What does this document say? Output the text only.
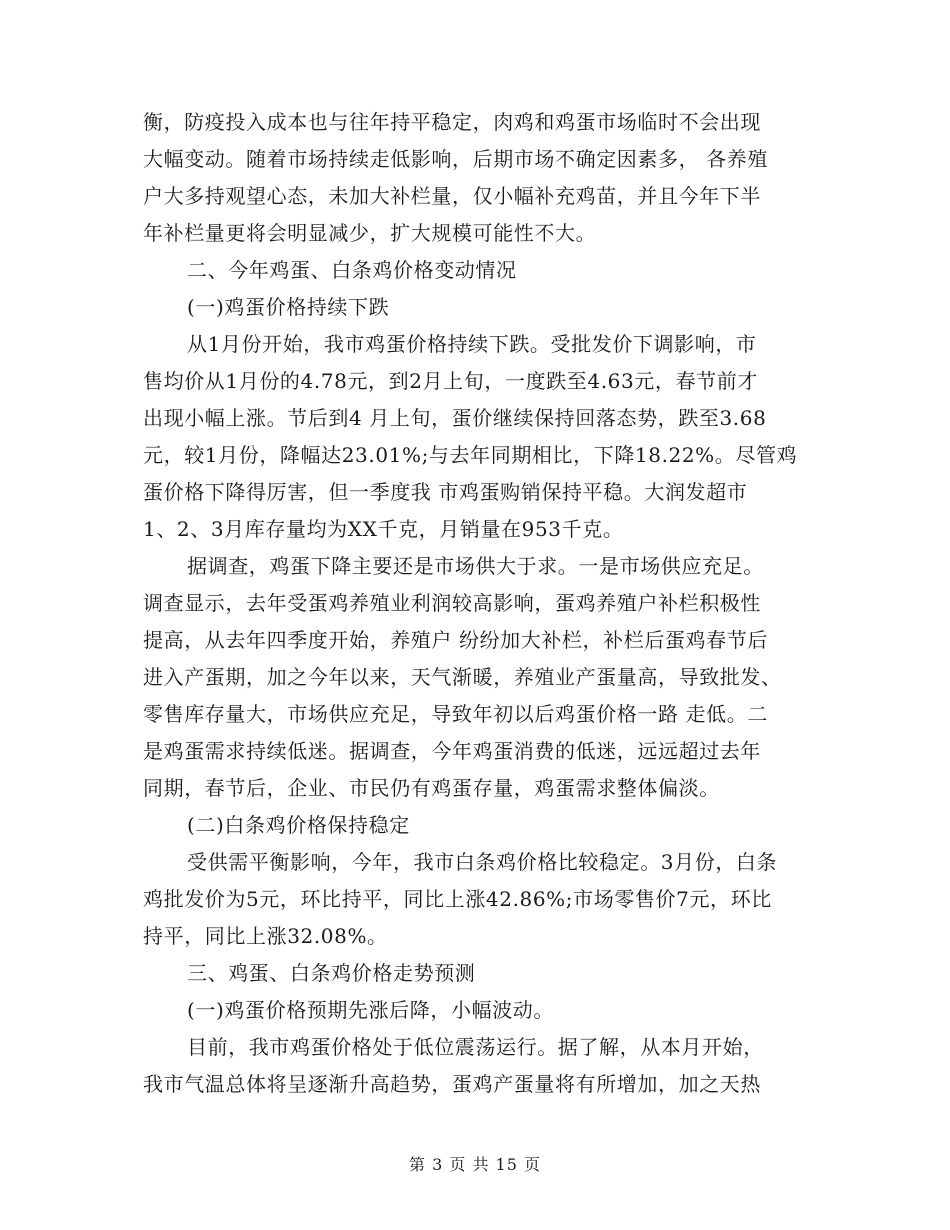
衡，防疫投入成本也与往年持平稳定，肉鸡和鸡蛋市场临时不会出现
大幅变动。随着市场持续走低影响，后期市场不确定因素多， 各养殖
户大多持观望心态，未加大补栏量，仅小幅补充鸡苗，并且今年下半
年补栏量更将会明显减少，扩大规模可能性不大。
二、今年鸡蛋、白条鸡价格变动情况
(一)鸡蛋价格持续下跌
从1月份开始，我市鸡蛋价格持续下跌。受批发价下调影响，市
售均价从1月份的4.78元，到2月上旬，一度跌至4.63元，春节前才
出现小幅上涨。节后到4 月上旬，蛋价继续保持回落态势，跌至3.68
元，较1月份，降幅达23.01%;与去年同期相比，下降18.22%。尽管鸡
蛋价格下降得厉害，但一季度我 市鸡蛋购销保持平稳。大润发超市
1、2、3月库存量均为XX千克，月销量在953千克。
据调查，鸡蛋下降主要还是市场供大于求。一是市场供应充足。
调查显示，去年受蛋鸡养殖业利润较高影响，蛋鸡养殖户补栏积极性
提高，从去年四季度开始，养殖户 纷纷加大补栏，补栏后蛋鸡春节后
进入产蛋期，加之今年以来，天气渐暖，养殖业产蛋量高，导致批发、
零售库存量大，市场供应充足，导致年初以后鸡蛋价格一路 走低。二
是鸡蛋需求持续低迷。据调查，今年鸡蛋消费的低迷，远远超过去年
同期，春节后，企业、市民仍有鸡蛋存量，鸡蛋需求整体偏淡。
(二)白条鸡价格保持稳定
受供需平衡影响，今年，我市白条鸡价格比较稳定。3月份，白条
鸡批发价为5元，环比持平，同比上涨42.86%;市场零售价7元，环比
持平，同比上涨32.08%。
三、鸡蛋、白条鸡价格走势预测
(一)鸡蛋价格预期先涨后降，小幅波动。
目前，我市鸡蛋价格处于低位震荡运行。据了解，从本月开始，
我市气温总体将呈逐渐升高趋势，蛋鸡产蛋量将有所增加，加之天热
第 3 页 共 15 页
